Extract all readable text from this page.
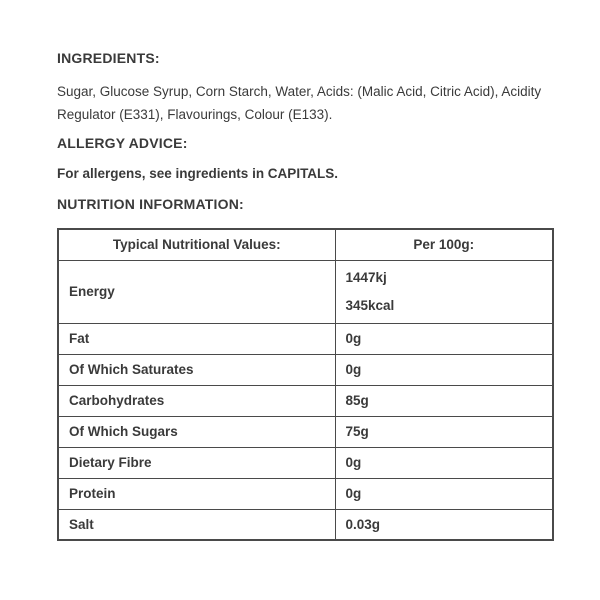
INGREDIENTS:

Sugar, Glucose Syrup, Corn Starch, Water, Acids: (Malic Acid, Citric Acid), Acidity Regulator (E331), Flavourings, Colour (E133).

ALLERGY ADVICE:

For allergens, see ingredients in CAPITALS.

NUTRITION INFORMATION:
Typical Nutritional Values:	Per 100g:
Energy	1447kj
345kcal

Fat	0g
Of Which Saturates	0g
Carbohydrates	85g
Of Which Sugars	75g
Dietary Fibre	0g
Protein	0g
Salt	0.03g
